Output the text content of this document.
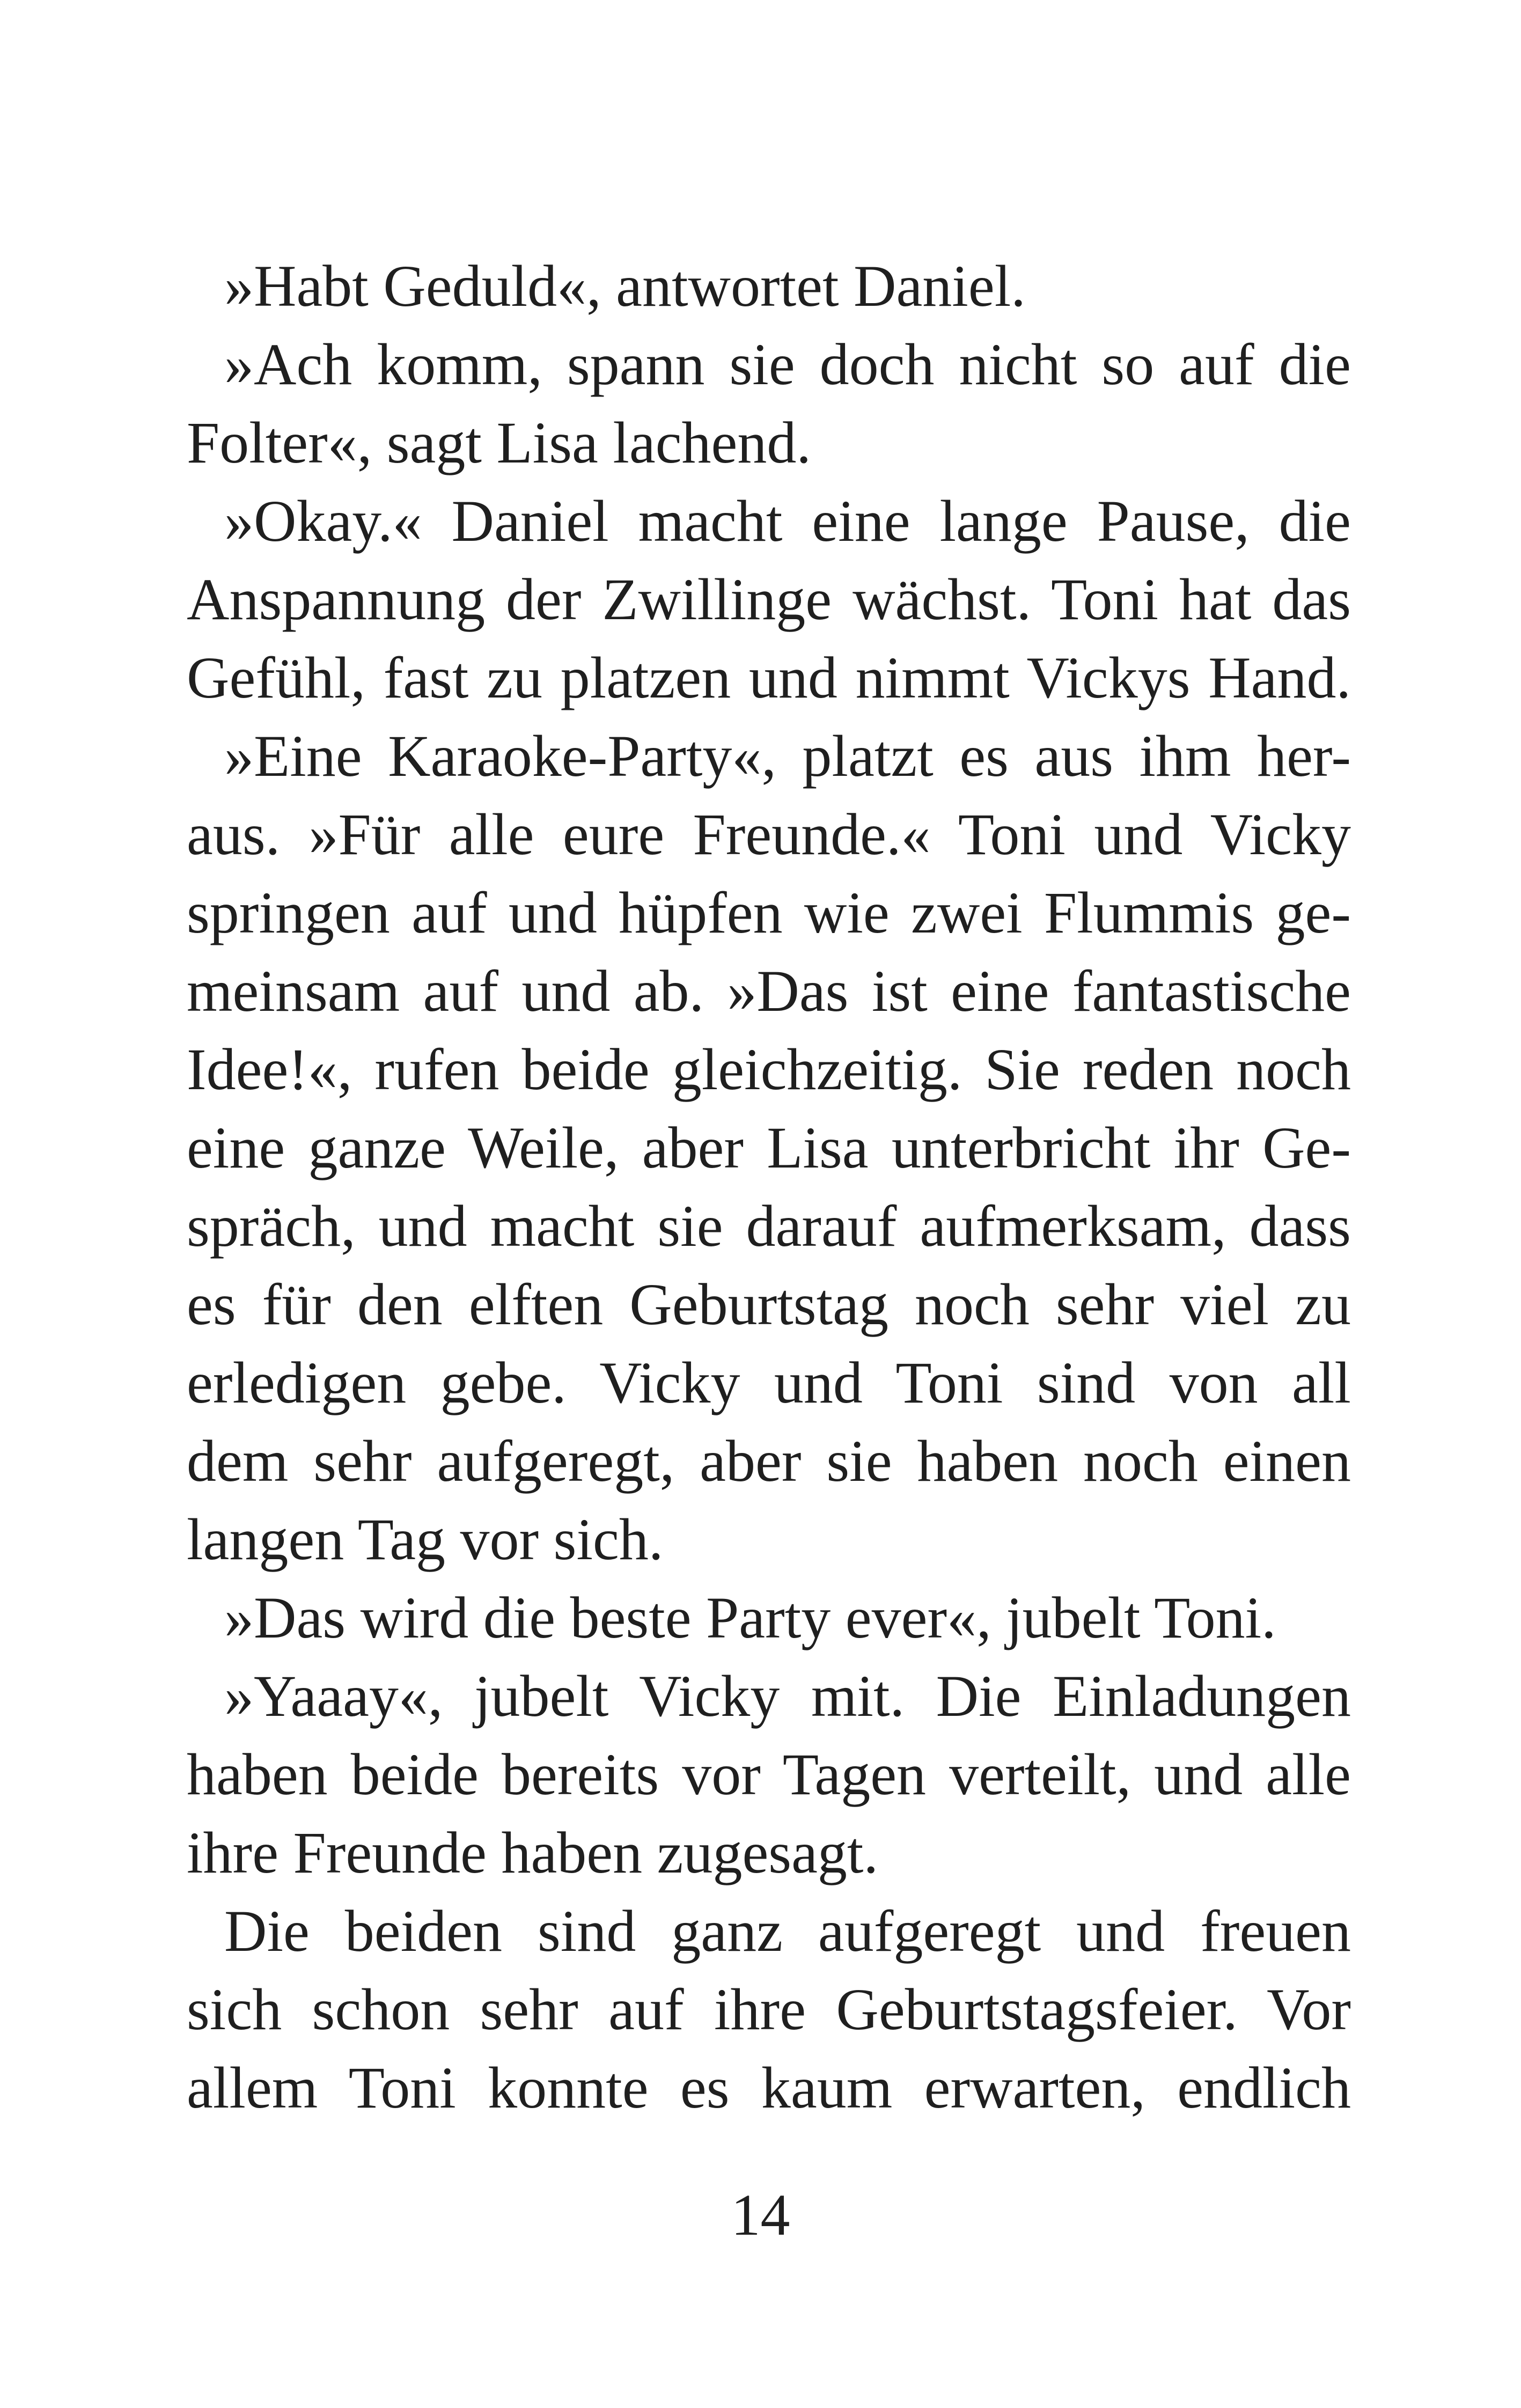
»Habt Geduld«, antwortet Daniel.
»Ach komm, spann sie doch nicht so auf die
Folter«, sagt Lisa lachend.
»Okay.« Daniel macht eine lange Pause, die
Anspannung der Zwillinge wächst. Toni hat das
Gefühl, fast zu platzen und nimmt Vickys Hand.
»Eine Karaoke-Party«, platzt es aus ihm her-
aus. »Für alle eure Freunde.« Toni und Vicky
springen auf und hüpfen wie zwei Flummis ge-
meinsam auf und ab. »Das ist eine fantastische
Idee!«, rufen beide gleichzeitig. Sie reden noch
eine ganze Weile, aber Lisa unterbricht ihr Ge-
spräch, und macht sie darauf aufmerksam, dass
es für den elften Geburtstag noch sehr viel zu
erledigen gebe. Vicky und Toni sind von all
dem sehr aufgeregt, aber sie haben noch einen
langen Tag vor sich.
»Das wird die beste Party ever«, jubelt Toni.
»Yaaay«, jubelt Vicky mit. Die Einladungen
haben beide bereits vor Tagen verteilt, und alle
ihre Freunde haben zugesagt.
Die beiden sind ganz aufgeregt und freuen
sich schon sehr auf ihre Geburtstagsfeier. Vor
allem Toni konnte es kaum erwarten, endlich
14
